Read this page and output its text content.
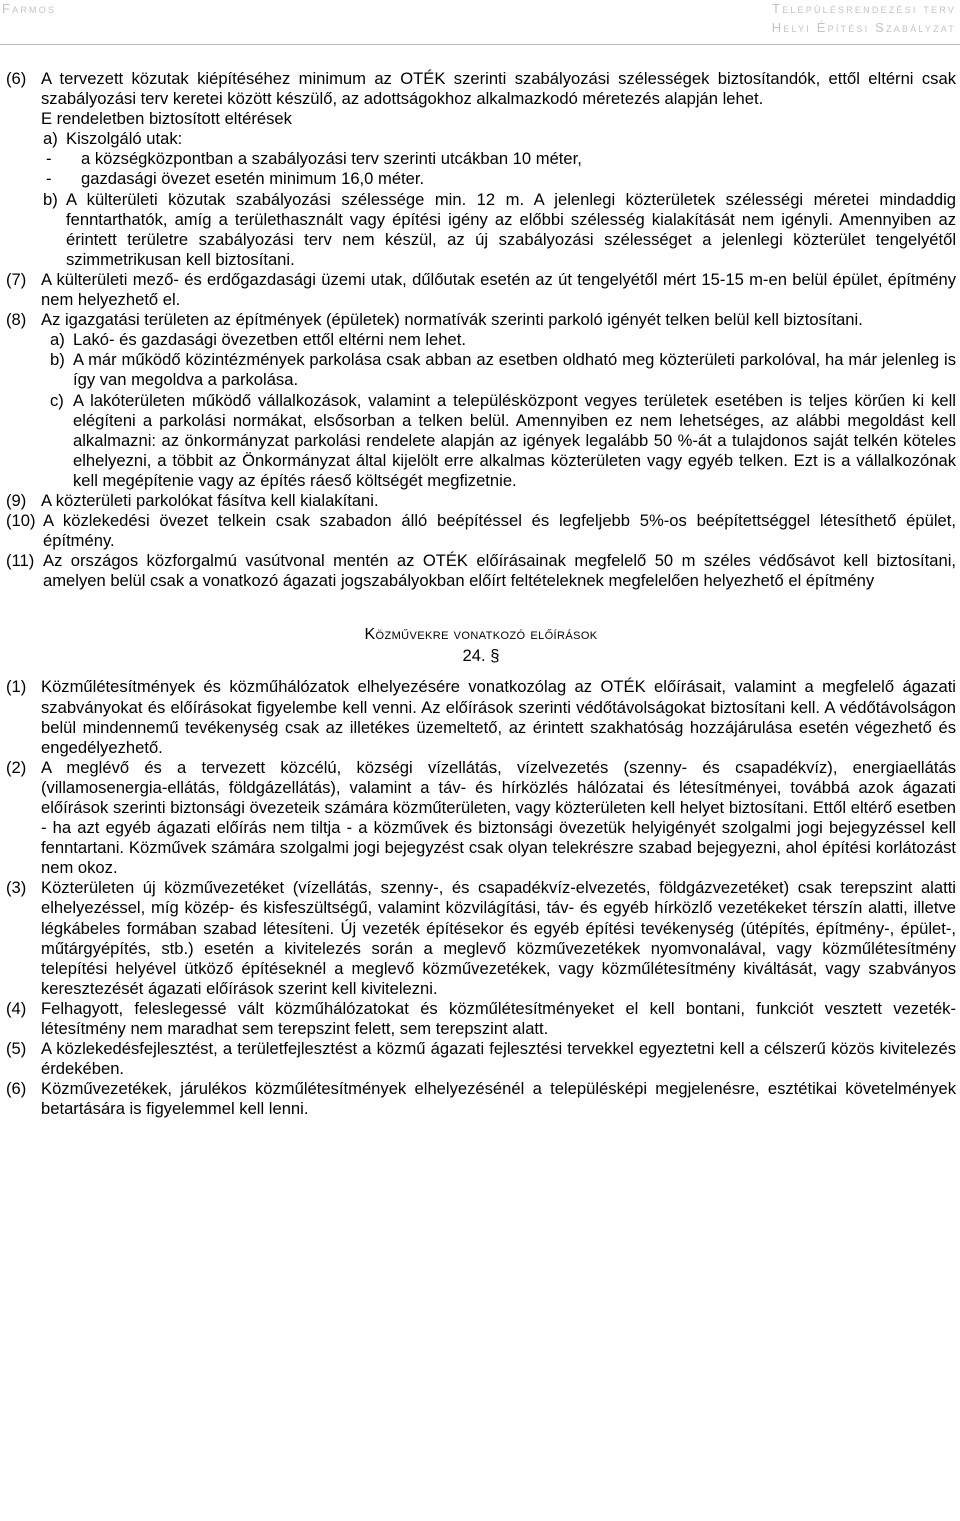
Farmos	Településrendezési terv
Helyi Építési Szabályzat
(6) A tervezett közutak kiépítéséhez minimum az OTÉK szerinti szabályozási szélességek biztosítandók, ettől eltérni csak szabályozási terv keretei között készülő, az adottságokhoz alkalmazkodó méretezés alapján lehet.
E rendeletben biztosított eltérések
a) Kiszolgáló utak:
- a községközpontban a szabályozási terv szerinti utcákban 10 méter,
- gazdasági övezet esetén minimum 16,0 méter.
b) A külterületi közutak szabályozási szélessége min. 12 m. A jelenlegi közterületek szélességi méretei mindaddig fenntarthatók, amíg a területhasznált vagy építési igény az előbbi szélesség kialakítását nem igényli. Amennyiben az érintett területre szabályozási terv nem készül, az új szabályozási szélességet a jelenlegi közterület tengelyétől szimmetrikusan kell biztosítani.
(7) A külterületi mező- és erdőgazdasági üzemi utak, dűlőutak esetén az út tengelyétől mért 15-15 m-en belül épület, építmény nem helyezhető el.
(8) Az igazgatási területen az építmények (épületek) normatívák szerinti parkoló igényét telken belül kell biztosítani.
a) Lakó- és gazdasági övezetben ettől eltérni nem lehet.
b) A már működő közintézmények parkolása csak abban az esetben oldható meg közterületi parkolóval, ha már jelenleg is így van megoldva a parkolása.
c) A lakóterületen működő vállalkozások, valamint a településközpont vegyes területek esetében is teljes körűen ki kell elégíteni a parkolási normákat, elsősorban a telken belül. Amennyiben ez nem lehetséges, az alábbi megoldást kell alkalmazni: az önkormányzat parkolási rendelete alapján az igények legalább 50 %-át a tulajdonos saját telkén köteles elhelyezni, a többit az Önkormányzat által kijelölt erre alkalmas közterületen vagy egyéb telken. Ezt is a vállalkozónak kell megépítenie vagy az építés ráeső költségét megfizetnie.
(9) A közterületi parkolókat fásítva kell kialakítani.
(10) A közlekedési övezet telkein csak szabadon álló beépítéssel és legfeljebb 5%-os beépítettséggel létesíthető épület, építmény.
(11) Az országos közforgalmú vasútvonal mentén az OTÉK előírásainak megfelelő 50 m széles védősávot kell biztosítani, amelyen belül csak a vonatkozó ágazati jogszabályokban előírt feltételeknek megfelelően helyezhető el építmény
Közművekre vonatkozó előírások
24. §
(1) Közműlétesítmények és közműhálózatok elhelyezésére vonatkozólag az OTÉK előírásait, valamint a megfelelő ágazati szabványokat és előírásokat figyelembe kell venni. Az előírások szerinti védőtávolságokat biztosítani kell. A védőtávolságon belül mindennemű tevékenység csak az illetékes üzemeltető, az érintett szakhatóság hozzájárulása esetén végezhető és engedélyezhető.
(2) A meglévő és a tervezett közcélú, községi vízellátás, vízelvezetés (szenny- és csapadékvíz), energiaellátás (villamosenergia-ellátás, földgázellátás), valamint a táv- és hírközlés hálózatai és létesítményei, továbbá azok ágazati előírások szerinti biztonsági övezeteik számára közműterületen, vagy közterületen kell helyet biztosítani. Ettől eltérő esetben - ha azt egyéb ágazati előírás nem tiltja - a közművek és biztonsági övezetük helyigényét szolgalmi jogi bejegyzéssel kell fenntartani. Közművek számára szolgalmi jogi bejegyzést csak olyan telekrészre szabad bejegyezni, ahol építési korlátozást nem okoz.
(3) Közterületen új közművezetéket (vízellátás, szenny-, és csapadékvíz-elvezetés, földgázvezetéket) csak terepszint alatti elhelyezéssel, míg közép- és kisfeszültségű, valamint közvilágítási, táv- és egyéb hírközlő vezetékeket térszín alatti, illetve légkábeles formában szabad létesíteni. Új vezeték építésekor és egyéb építési tevékenység (útépítés, építmény-, épület-, műtárgyépítés, stb.) esetén a kivitelezés során a meglevő közművezetékek nyomvonalával, vagy közműlétesítmény telepítési helyével ütköző építéseknél a meglevő közművezetékek, vagy közműlétesítmény kiváltását, vagy szabványos keresztezését ágazati előírások szerint kell kivitelezni.
(4) Felhagyott, feleslegessé vált közműhálózatokat és közműlétesítményeket el kell bontani, funkciót vesztett vezeték-létesítmény nem maradhat sem terepszint felett, sem terepszint alatt.
(5) A közlekedésfejlesztést, a területfejlesztést a közmű ágazati fejlesztési tervekkel egyeztetni kell a célszerű közös kivitelezés érdekében.
(6) Közművezetékek, járulékos közműlétesítmények elhelyezésénél a településképi megjelenésre, esztétikai követelmények betartására is figyelemmel kell lenni.
